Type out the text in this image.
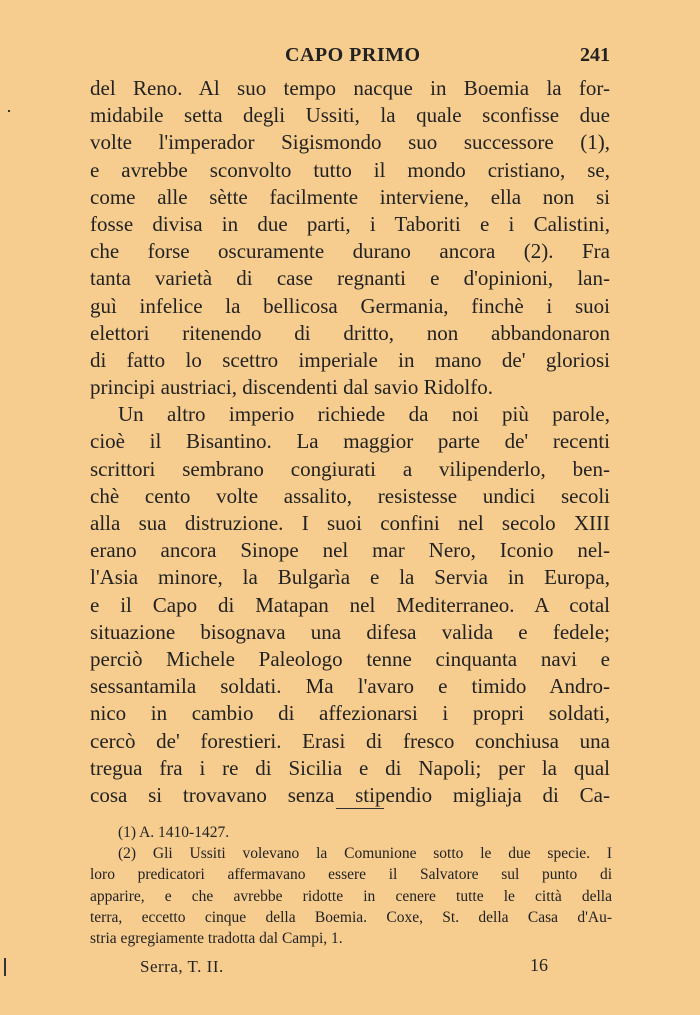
CAPO PRIMO	241
del Reno. Al suo tempo nacque in Boemia la for-
midabile setta degli Ussiti, la quale sconfisse due
volte l'imperador Sigismondo suo successore (1),
e avrebbe sconvolto tutto il mondo cristiano, se,
come alle sètte facilmente interviene, ella non si
fosse divisa in due parti, i Taboriti e i Calistini,
che forse oscuramente durano ancora (2). Fra
tanta varietà di case regnanti e d'opinioni, lan-
guì infelice la bellicosa Germania, finchè i suoi
elettori ritenendo di dritto, non abbandonaron
di fatto lo scettro imperiale in mano de' gloriosi
principi austriaci, discendenti dal savio Ridolfo.
Un altro imperio richiede da noi più parole,
cioè il Bisantino. La maggior parte de' recenti
scrittori sembrano congiurati a vilipenderlo, ben-
chè cento volte assalito, resistesse undici secoli
alla sua distruzione. I suoi confini nel secolo XIII
erano ancora Sinope nel mar Nero, Iconio nel-
l'Asia minore, la Bulgarìa e la Servia in Europa,
e il Capo di Matapan nel Mediterraneo. A cotal
situazione bisognava una difesa valida e fedele;
perciò Michele Paleologo tenne cinquanta navi e
sessantamila soldati. Ma l'avaro e timido Andro-
nico in cambio di affezionarsi i propri soldati,
cercò de' forestieri. Erasi di fresco conchiusa una
tregua fra i re di Sicilia e di Napoli; per la qual
cosa si trovavano senza stipendio migliaja di Ca-
(1) A. 1410-1427.
(2) Gli Ussiti volevano la Comunione sotto le due specie. I
loro predicatori affermavano essere il Salvatore sul punto di
apparire, e che avrebbe ridotte in cenere tutte le città della
terra, eccetto cinque della Boemia. Coxe, St. della Casa d'Au-
stria egregiamente tradotta dal Campi, 1.
Serra, T. II.	16
